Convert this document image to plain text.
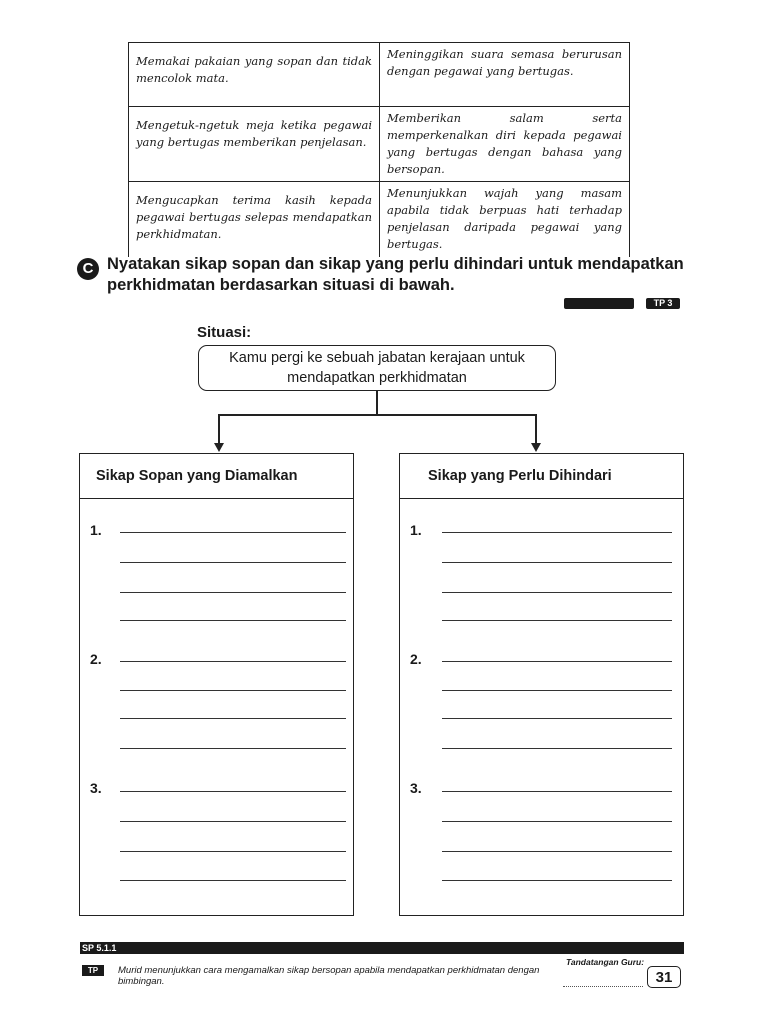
Memakai pakaian yang sopan dan tidak mencolok mata.	Meninggikan suara semasa berurusan dengan pegawai yang bertugas.
Mengetuk-ngetuk meja ketika pegawai yang bertugas memberikan penjelasan.	Memberikan salam serta memperkenalkan diri kepada pegawai yang bertugas dengan bahasa yang bersopan.
Mengucapkan terima kasih kepada pegawai bertugas selepas mendapatkan perkhidmatan.	Menunjukkan wajah yang masam apabila tidak berpuas hati terhadap penjelasan daripada pegawai yang bertugas.
C Nyatakan sikap sopan dan sikap yang perlu dihindari untuk mendapatkan perkhidmatan berdasarkan situasi di bawah.
TP 3
Situasi:
Kamu pergi ke sebuah jabatan kerajaan untuk mendapatkan perkhidmatan
Sikap Sopan yang Diamalkan
1.
2.
3.
Sikap yang Perlu Dihindari
1.
2.
3.
SP 5.1.1
TP	Murid menunjukkan cara mengamalkan sikap bersopan apabila mendapatkan perkhidmatan dengan bimbingan.
Tandatangan Guru:
31
